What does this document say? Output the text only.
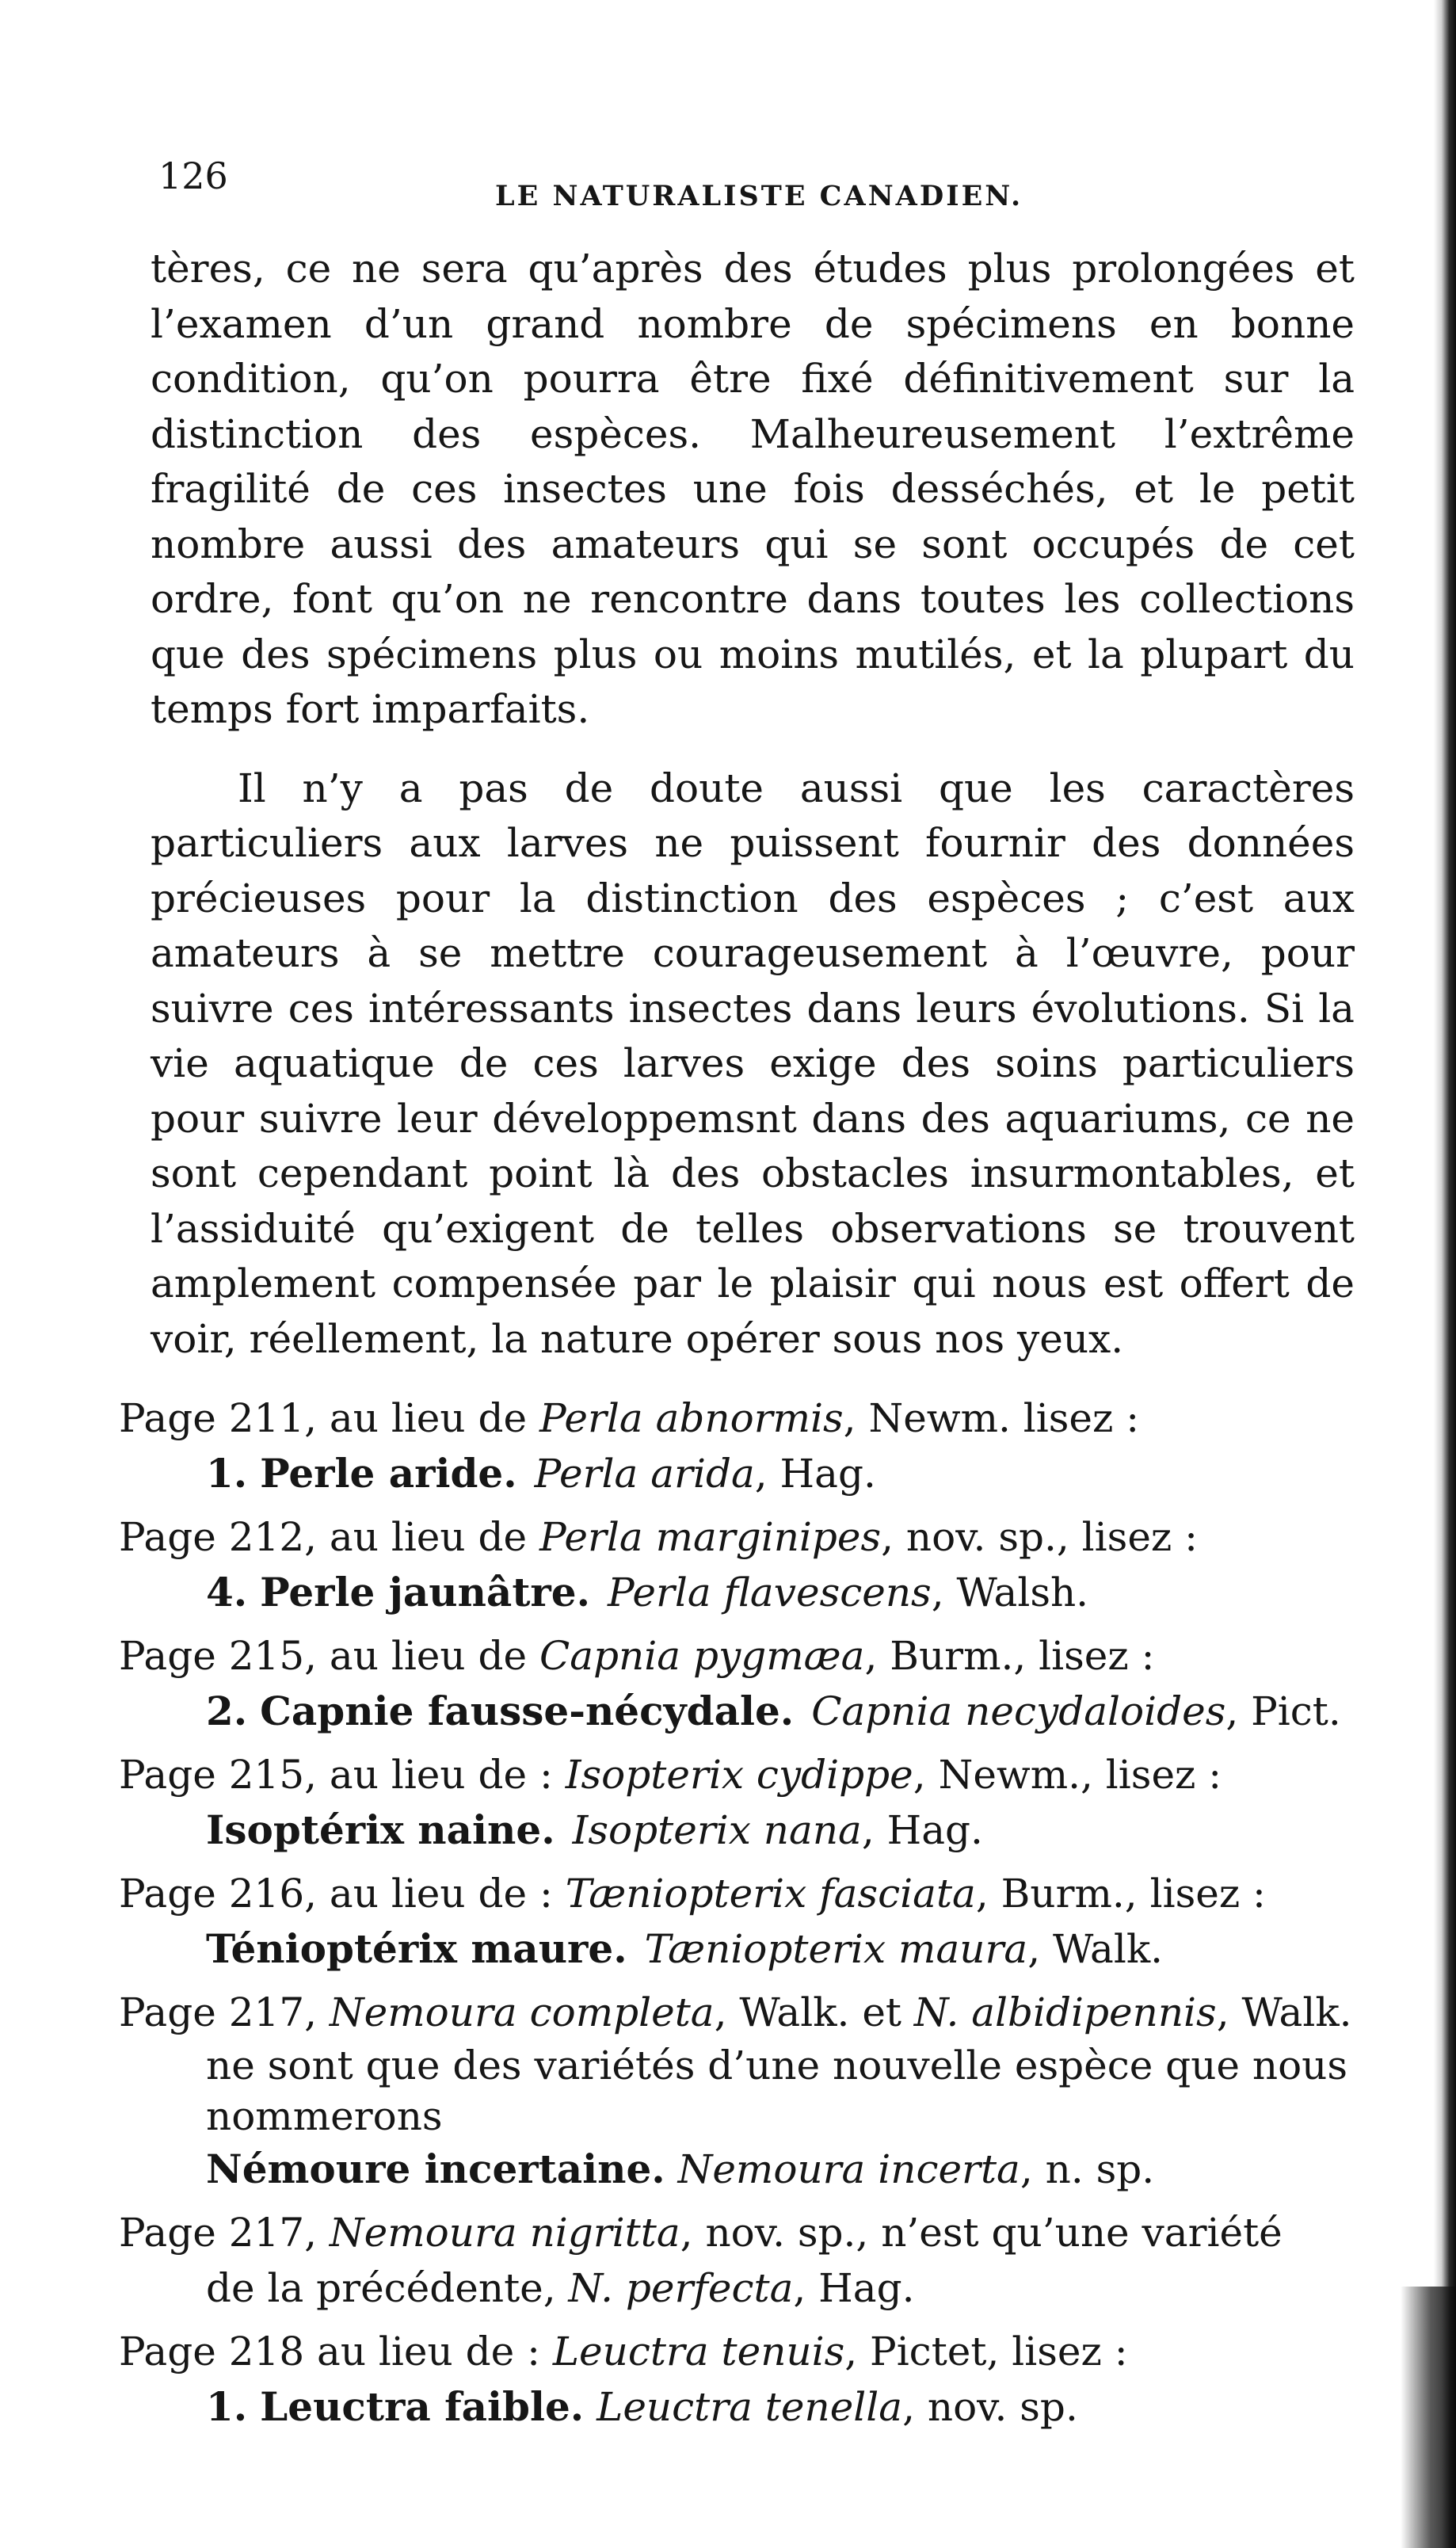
126	LE NATURALISTE CANADIEN.

tères, ce ne sera qu’après des études plus prolongées et l’examen d’un grand nombre de spécimens en bonne condition, qu’on pourra être fixé définitivement sur la distinction des espèces. Malheureusement l’extrême fragilité de ces insectes une fois desséchés, et le petit nombre aussi des amateurs qui se sont occupés de cet ordre, font qu’on ne rencontre dans toutes les collections que des spécimens plus ou moins mutilés, et la plupart du temps fort imparfaits.

Il n’y a pas de doute aussi que les caractères particuliers aux larves ne puissent fournir des données précieuses pour la distinction des espèces ; c’est aux amateurs à se mettre courageusement à l’œuvre, pour suivre ces intéressants insectes dans leurs évolutions. Si la vie aquatique de ces larves exige des soins particuliers pour suivre leur développemsnt dans des aquariums, ce ne sont cependant point là des obstacles insurmontables, et l’assiduité qu’exigent de telles observations se trouvent amplement compensée par le plaisir qui nous est offert de voir, réellement, la nature opérer sous nos yeux.

Page 211, au lieu de Perla abnormis, Newm. lisez :
1. Perle aride. Perla arida, Hag.
Page 212, au lieu de Perla marginipes, nov. sp., lisez :
4. Perle jaunâtre. Perla flavescens, Walsh.
Page 215, au lieu de Capnia pygmæa, Burm., lisez :
2. Capnie fausse-nécydale. Capnia necydaloides, Pict.
Page 215, au lieu de : Isopterix cydippe, Newm., lisez :
Isoptérix naine. Isopterix nana, Hag.
Page 216, au lieu de : Tæniopterix fasciata, Burm., lisez :
Ténioptérix maure. Tæniopterix maura, Walk.
Page 217, Nemoura completa, Walk. et N. albidipennis, Walk.
ne sont que des variétés d’une nouvelle espèce que nous nommerons
Némoure incertaine. Nemoura incerta, n. sp.
Page 217, Nemoura nigritta, nov. sp., n’est qu’une variété
de la précédente, N. perfecta, Hag.
Page 218 au lieu de : Leuctra tenuis, Pictet, lisez :
1. Leuctra faible. Leuctra tenella, nov. sp.
